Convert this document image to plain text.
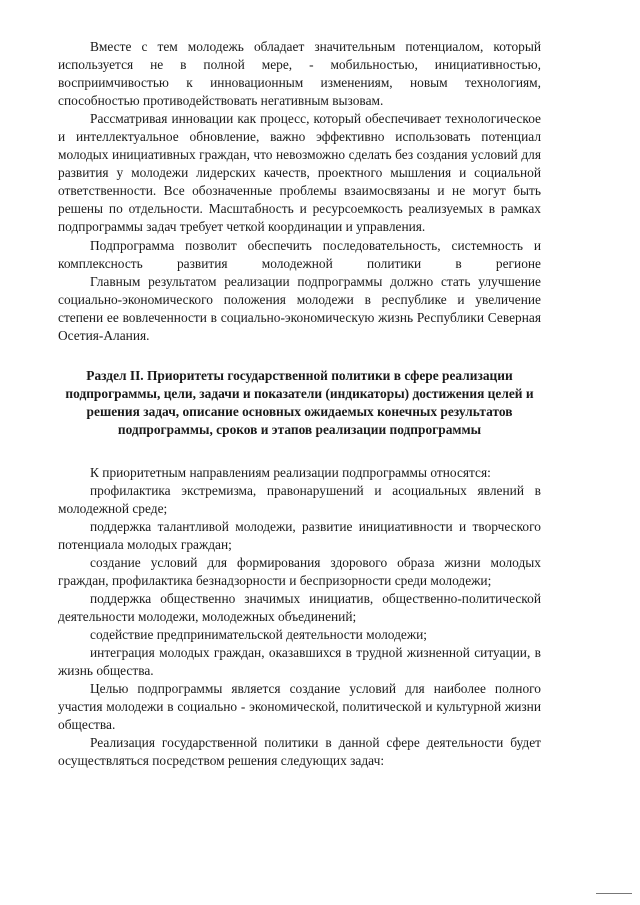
Вместе с тем молодежь обладает значительным потенциалом, который используется не в полной мере, - мобильностью, инициативностью, восприимчивостью к инновационным изменениям, новым технологиям, способностью противодействовать негативным вызовам.

Рассматривая инновации как процесс, который обеспечивает технологическое и интеллектуальное обновление, важно эффективно использовать потенциал молодых инициативных граждан, что невозможно сделать без создания условий для развития у молодежи лидерских качеств, проектного мышления и социальной ответственности. Все обозначенные проблемы взаимосвязаны и не могут быть решены по отдельности. Масштабность и ресурсоемкость реализуемых в рамках подпрограммы задач требует четкой координации и управления.

Подпрограмма позволит обеспечить последовательность, системность и комплексность развития молодежной политики в регионе

Главным результатом реализации подпрограммы должно стать улучшение социально-экономического положения молодежи в республике и увеличение степени ее вовлеченности в социально-экономическую жизнь Республики Северная Осетия-Алания.

Раздел II. Приоритеты государственной политики в сфере реализации подпрограммы, цели, задачи и показатели (индикаторы) достижения целей и решения задач, описание основных ожидаемых конечных результатов подпрограммы, сроков и этапов реализации подпрограммы

К приоритетным направлениям реализации подпрограммы относятся:

профилактика экстремизма, правонарушений и асоциальных явлений в молодежной среде;

поддержка талантливой молодежи, развитие инициативности и творческого потенциала молодых граждан;

создание условий для формирования здорового образа жизни молодых граждан, профилактика безнадзорности и беспризорности среди молодежи;

поддержка общественно значимых инициатив, общественно-политической деятельности молодежи, молодежных объединений;

содействие предпринимательской деятельности молодежи;

интеграция молодых граждан, оказавшихся в трудной жизненной ситуации, в жизнь общества.

Целью подпрограммы является создание условий для наиболее полного участия молодежи в социально - экономической, политической и культурной жизни общества.

Реализация государственной политики в данной сфере деятельности будет осуществляться посредством решения следующих задач:
